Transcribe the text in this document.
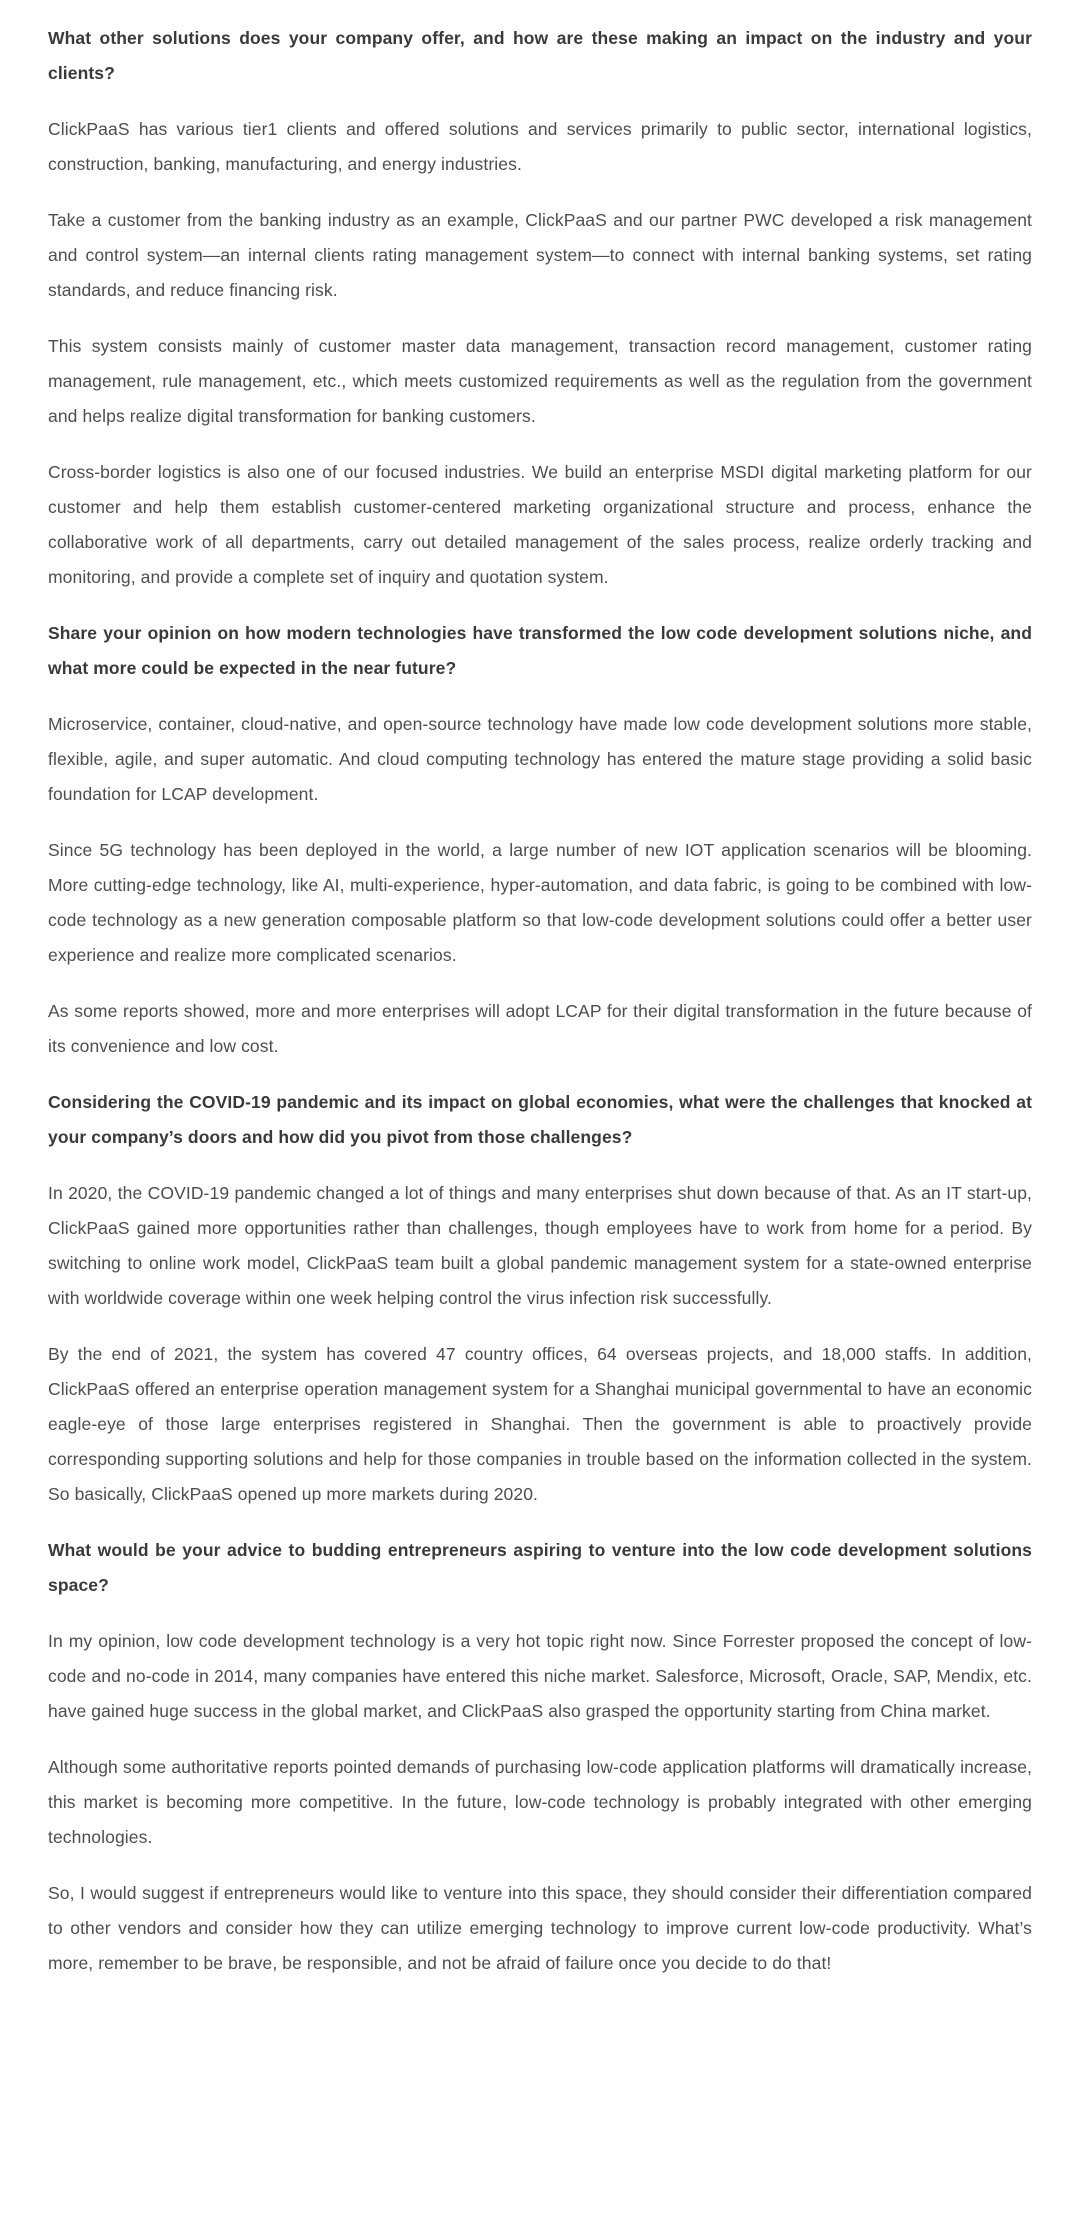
What other solutions does your company offer, and how are these making an impact on the industry and your clients?
ClickPaaS has various tier1 clients and offered solutions and services primarily to public sector, international logistics, construction, banking, manufacturing, and energy industries.
Take a customer from the banking industry as an example, ClickPaaS and our partner PWC developed a risk management and control system—an internal clients rating management system—to connect with internal banking systems, set rating standards, and reduce financing risk.
This system consists mainly of customer master data management, transaction record management, customer rating management, rule management, etc., which meets customized requirements as well as the regulation from the government and helps realize digital transformation for banking customers.
Cross-border logistics is also one of our focused industries. We build an enterprise MSDI digital marketing platform for our customer and help them establish customer-centered marketing organizational structure and process, enhance the collaborative work of all departments, carry out detailed management of the sales process, realize orderly tracking and monitoring, and provide a complete set of inquiry and quotation system.
Share your opinion on how modern technologies have transformed the low code development solutions niche, and what more could be expected in the near future?
Microservice, container, cloud-native, and open-source technology have made low code development solutions more stable, flexible, agile, and super automatic. And cloud computing technology has entered the mature stage providing a solid basic foundation for LCAP development.
Since 5G technology has been deployed in the world, a large number of new IOT application scenarios will be blooming. More cutting-edge technology, like AI, multi-experience, hyper-automation, and data fabric, is going to be combined with low-code technology as a new generation composable platform so that low-code development solutions could offer a better user experience and realize more complicated scenarios.
As some reports showed, more and more enterprises will adopt LCAP for their digital transformation in the future because of its convenience and low cost.
Considering the COVID-19 pandemic and its impact on global economies, what were the challenges that knocked at your company’s doors and how did you pivot from those challenges?
In 2020, the COVID-19 pandemic changed a lot of things and many enterprises shut down because of that. As an IT start-up, ClickPaaS gained more opportunities rather than challenges, though employees have to work from home for a period. By switching to online work model, ClickPaaS team built a global pandemic management system for a state-owned enterprise with worldwide coverage within one week helping control the virus infection risk successfully.
By the end of 2021, the system has covered 47 country offices, 64 overseas projects, and 18,000 staffs. In addition, ClickPaaS offered an enterprise operation management system for a Shanghai municipal governmental to have an economic eagle-eye of those large enterprises registered in Shanghai. Then the government is able to proactively provide corresponding supporting solutions and help for those companies in trouble based on the information collected in the system. So basically, ClickPaaS opened up more markets during 2020.
What would be your advice to budding entrepreneurs aspiring to venture into the low code development solutions space?
In my opinion, low code development technology is a very hot topic right now. Since Forrester proposed the concept of low-code and no-code in 2014, many companies have entered this niche market. Salesforce, Microsoft, Oracle, SAP, Mendix, etc. have gained huge success in the global market, and ClickPaaS also grasped the opportunity starting from China market.
Although some authoritative reports pointed demands of purchasing low-code application platforms will dramatically increase, this market is becoming more competitive. In the future, low-code technology is probably integrated with other emerging technologies.
So, I would suggest if entrepreneurs would like to venture into this space, they should consider their differentiation compared to other vendors and consider how they can utilize emerging technology to improve current low-code productivity. What’s more, remember to be brave, be responsible, and not be afraid of failure once you decide to do that!
